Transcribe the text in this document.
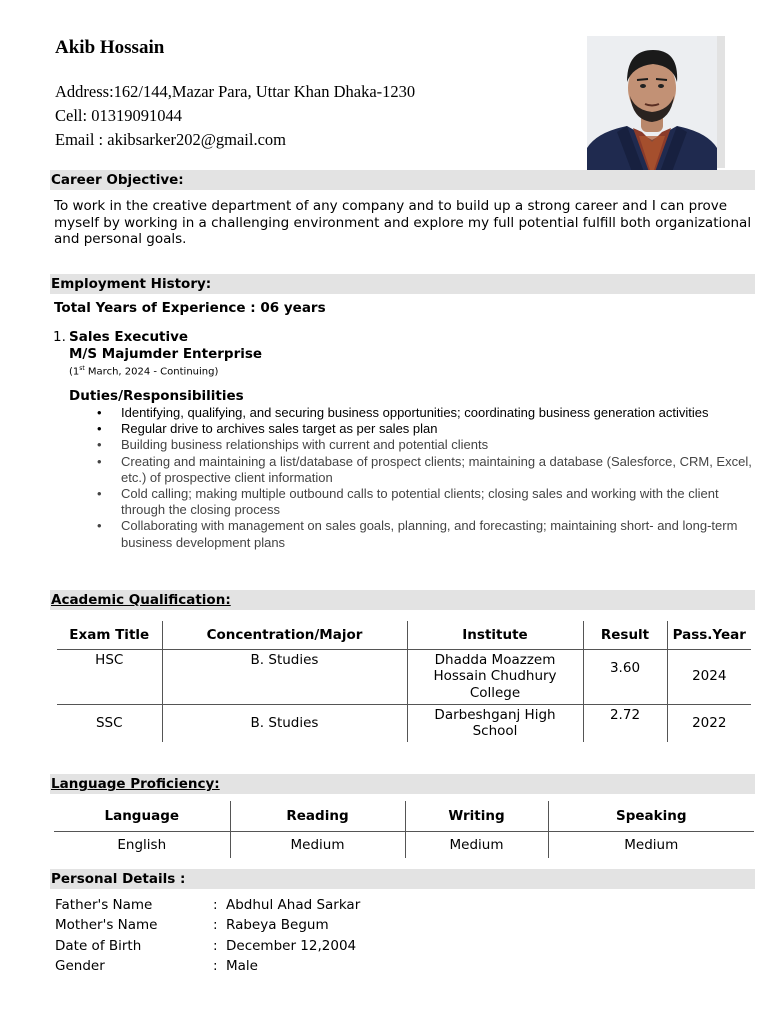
Akib Hossain
Address:162/144,Mazar Para, Uttar Khan Dhaka-1230
Cell: 01319091044
Email : akibsarker202@gmail.com
Career Objective:
To work in the creative department of any company and to build up a strong career and I can prove myself by working in a challenging environment and explore my full potential fulfill both organizational and personal goals.
Employment History:
Total Years of Experience : 06 years
1. Sales Executive
M/S Majumder Enterprise
(1st March, 2024 - Continuing)
Duties/Responsibilities
• Identifying, qualifying, and securing business opportunities; coordinating business generation activities
• Regular drive to archives sales target as per sales plan
• Building business relationships with current and potential clients
• Creating and maintaining a list/database of prospect clients; maintaining a database (Salesforce, CRM, Excel, etc.) of prospective client information
• Cold calling; making multiple outbound calls to potential clients; closing sales and working with the client through the closing process
• Collaborating with management on sales goals, planning, and forecasting; maintaining short- and long-term business development plans
Academic Qualification:
Exam Title	Concentration/Major	Institute	Result	Pass.Year
HSC	B. Studies	Dhadda Moazzem Hossain Chudhury College	3.60	2024
SSC	B. Studies	Darbeshganj High School	2.72	2022
Language Proficiency:
Language	Reading	Writing	Speaking
English	Medium	Medium	Medium
Personal Details :
Father's Name	: Abdhul Ahad Sarkar
Mother's Name	: Rabeya Begum
Date of Birth	: December 12,2004
Gender	: Male
